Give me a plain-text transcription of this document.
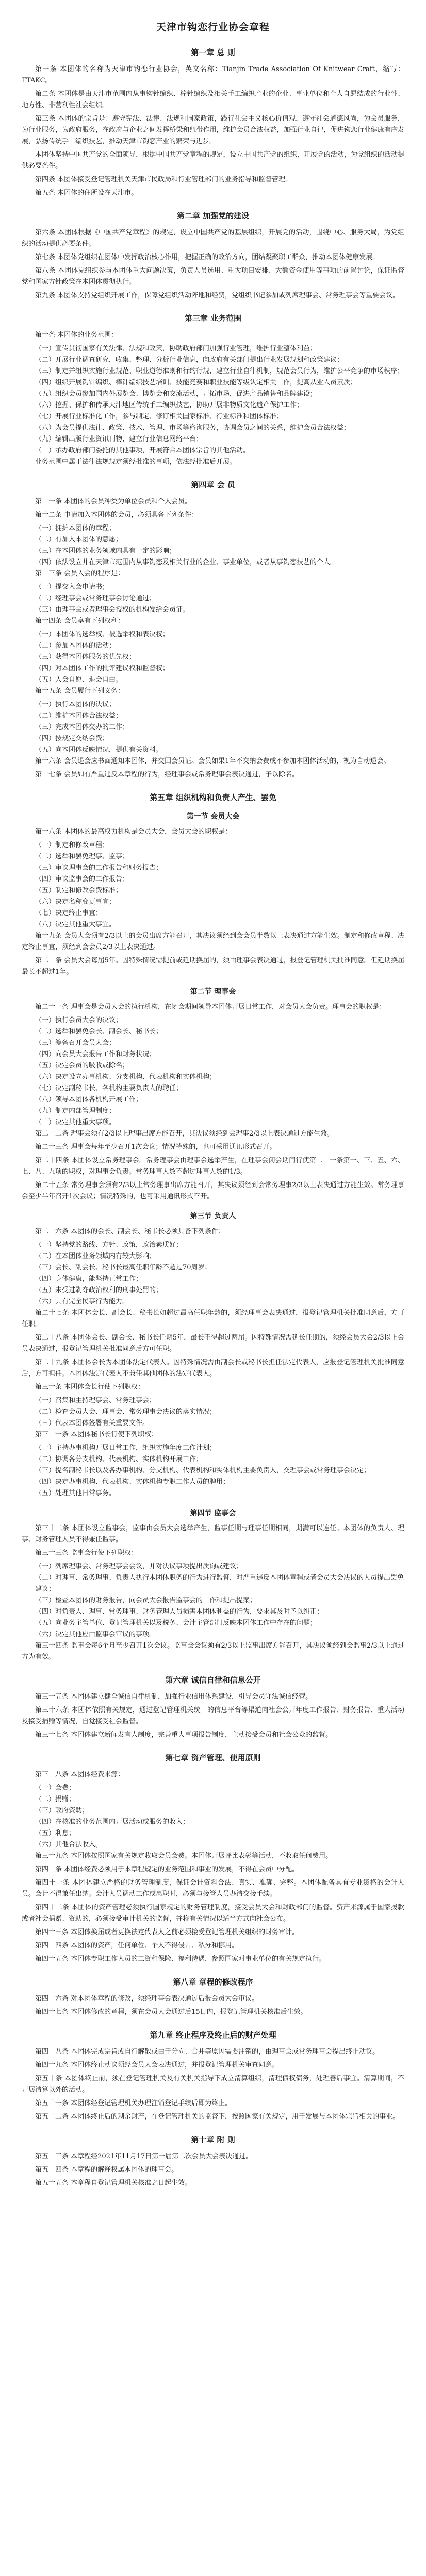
天津市钩恋行业协会章程
第一章 总 则
第一条 本团体的名称为天津市钩恋行业协会，英文名称：Tianjin Trade Association Of Knitwear Craft，缩写：TTAKC。
第二条 本团体是由天津市范围内从事钩针编织、棒针编织及相关手工编织产业的企业、事业单位和个人自愿结成的行业性、地方性、非营利性社会组织。
第三条 本团体的宗旨是：遵守宪法、法律、法规和国家政策，践行社会主义核心价值观，遵守社会道德风尚，为会员服务，为行业服务，为政府服务，在政府与企业之间发挥桥梁和纽带作用，维护会员合法权益，加强行业自律，促进钩恋行业健康有序发展，弘扬传统手工编织技艺，推动天津市钩恋产业的繁荣与进步。
本团体坚持中国共产党的全面领导，根据中国共产党章程的规定，设立中国共产党的组织，开展党的活动，为党组织的活动提供必要条件。
第四条 本团体接受登记管理机关天津市民政局和行业管理部门的业务指导和监督管理。
第五条 本团体的住所设在天津市。
第二章 加强党的建设
第六条 本团体根据《中国共产党章程》的规定，设立中国共产党的基层组织，开展党的活动，围绕中心、服务大局，为党组织的活动提供必要条件。
第七条 本团体党组织在团体中发挥政治核心作用，把握正确的政治方向，团结凝聚职工群众，推动本团体健康发展。
第八条 本团体党组织参与本团体重大问题决策，负责人员选用、重大项目安排、大额资金使用等事项的前置讨论，保证监督党和国家方针政策在本团体贯彻执行。
第九条 本团体支持党组织开展工作，保障党组织活动阵地和经费，党组织书记参加或列席理事会、常务理事会等重要会议。
第三章 业务范围
第十条 本团体的业务范围：
（一）宣传贯彻国家有关法律、法规和政策，协助政府部门加强行业管理，维护行业整体利益；
（二）开展行业调查研究，收集、整理、分析行业信息，向政府有关部门提出行业发展规划和政策建议；
（三）制定并组织实施行业规范、职业道德准则和行约行规，建立行业自律机制，规范会员行为，维护公平竞争的市场秩序；
（四）组织开展钩针编织、棒针编织技艺培训、技能竞赛和职业技能等级认定相关工作，提高从业人员素质；
（五）组织会员参加国内外展览会、博览会和交流活动，开拓市场，促进产品销售和品牌建设；
（六）挖掘、保护和传承天津地区传统手工编织技艺，协助开展非物质文化遗产保护工作；
（七）开展行业标准化工作，参与制定、修订相关国家标准、行业标准和团体标准；
（八）为会员提供法律、政策、技术、管理、市场等咨询服务，协调会员之间的关系，维护会员合法权益；
（九）编辑出版行业资讯刊物，建立行业信息网络平台；
（十）承办政府部门委托的其他事项，开展符合本团体宗旨的其他活动。
业务范围中属于法律法规规定须经批准的事项，依法经批准后开展。
第四章 会 员
第十一条 本团体的会员种类为单位会员和个人会员。
第十二条 申请加入本团体的会员，必须具备下列条件：
（一）拥护本团体的章程；
（二）有加入本团体的意愿；
（三）在本团体的业务领域内具有一定的影响；
（四）依法设立并在天津市范围内从事钩恋及相关行业的企业、事业单位，或者从事钩恋技艺的个人。
第十三条 会员入会的程序是：
（一）提交入会申请书；
（二）经理事会或常务理事会讨论通过；
（三）由理事会或者理事会授权的机构发给会员证。
第十四条 会员享有下列权利：
（一）本团体的选举权、被选举权和表决权；
（二）参加本团体的活动；
（三）获得本团体服务的优先权；
（四）对本团体工作的批评建议权和监督权；
（五）入会自愿、退会自由。
第十五条 会员履行下列义务：
（一）执行本团体的决议；
（二）维护本团体合法权益；
（三）完成本团体交办的工作；
（四）按规定交纳会费；
（五）向本团体反映情况，提供有关资料。
第十六条 会员退会应书面通知本团体，并交回会员证。会员如果1年不交纳会费或不参加本团体活动的，视为自动退会。
第十七条 会员如有严重违反本章程的行为，经理事会或常务理事会表决通过，予以除名。
第五章 组织机构和负责人产生、罢免
第一节 会员大会
第十八条 本团体的最高权力机构是会员大会，会员大会的职权是：
（一）制定和修改章程；
（二）选举和罢免理事、监事；
（三）审议理事会的工作报告和财务报告；
（四）审议监事会的工作报告；
（五）制定和修改会费标准；
（六）决定名称变更事宜；
（七）决定终止事宜；
（八）决定其他重大事宜。
第十九条 会员大会须有2/3以上的会员出席方能召开，其决议须经到会会员半数以上表决通过方能生效。制定和修改章程、决定终止事宜，须经到会会员2/3以上表决通过。
第二十条 会员大会每届5年。因特殊情况需提前或延期换届的，须由理事会表决通过，报登记管理机关批准同意。但延期换届最长不超过1年。
第二节 理事会
第二十一条 理事会是会员大会的执行机构，在闭会期间领导本团体开展日常工作，对会员大会负责。理事会的职权是：
（一）执行会员大会的决议；
（二）选举和罢免会长、副会长、秘书长；
（三）筹备召开会员大会；
（四）向会员大会报告工作和财务状况；
（五）决定会员的吸收或除名；
（六）决定设立办事机构、分支机构、代表机构和实体机构；
（七）决定副秘书长、各机构主要负责人的聘任；
（八）领导本团体各机构开展工作；
（九）制定内部管理制度；
（十）决定其他重大事项。
第二十二条 理事会须有2/3以上理事出席方能召开，其决议须经到会理事2/3以上表决通过方能生效。
第二十三条 理事会每年至少召开1次会议；情况特殊的，也可采用通讯形式召开。
第二十四条 本团体设立常务理事会。常务理事会由理事会选举产生，在理事会闭会期间行使第二十一条第一、三、五、六、七、八、九项的职权，对理事会负责。常务理事人数不超过理事人数的1/3。
第二十五条 常务理事会须有2/3以上常务理事出席方能召开，其决议须经到会常务理事2/3以上表决通过方能生效。常务理事会至少半年召开1次会议；情况特殊的，也可采用通讯形式召开。
第三节 负责人
第二十六条 本团体的会长、副会长、秘书长必须具备下列条件：
（一）坚持党的路线、方针、政策，政治素质好；
（二）在本团体业务领域内有较大影响；
（三）会长、副会长、秘书长最高任职年龄不超过70周岁；
（四）身体健康，能坚持正常工作；
（五）未受过剥夺政治权利的刑事处罚的；
（六）具有完全民事行为能力。
第二十七条 本团体会长、副会长、秘书长如超过最高任职年龄的，须经理事会表决通过，报登记管理机关批准同意后，方可任职。
第二十八条 本团体会长、副会长、秘书长任期5年，最长不得超过两届。因特殊情况需延长任期的，须经会员大会2/3以上会员表决通过，报登记管理机关批准同意后方可任职。
第二十九条 本团体会长为本团体法定代表人。因特殊情况需由副会长或秘书长担任法定代表人，应报登记管理机关批准同意后，方可担任。本团体法定代表人不兼任其他团体的法定代表人。
第三十条 本团体会长行使下列职权：
（一）召集和主持理事会、常务理事会；
（二）检查会员大会、理事会、常务理事会决议的落实情况；
（三）代表本团体签署有关重要文件。
第三十一条 本团体秘书长行使下列职权：
（一）主持办事机构开展日常工作，组织实施年度工作计划；
（二）协调各分支机构、代表机构、实体机构开展工作；
（三）提名副秘书长以及各办事机构、分支机构、代表机构和实体机构主要负责人，交理事会或常务理事会决定；
（四）决定办事机构、代表机构、实体机构专职工作人员的聘用；
（五）处理其他日常事务。
第四节 监事会
第三十二条 本团体设立监事会，监事由会员大会选举产生，监事任期与理事任期相同，期满可以连任。本团体的负责人、理事、财务管理人员不得兼任监事。
第三十三条 监事会行使下列职权：
（一）列席理事会、常务理事会会议，并对决议事项提出质询或建议；
（二）对理事、常务理事、负责人执行本团体职务的行为进行监督，对严重违反本团体章程或者会员大会决议的人员提出罢免建议；
（三）检查本团体的财务报告，向会员大会报告监事会的工作和提出提案；
（四）对负责人、理事、常务理事、财务管理人员损害本团体利益的行为，要求其及时予以纠正；
（五）向业务主管单位、登记管理机关以及税务、会计主管部门反映本团体工作中存在的问题；
（六）决定其他应由监事会审议的事项。
第三十四条 监事会每6个月至少召开1次会议。监事会会议须有2/3以上监事出席方能召开，其决议须经到会监事2/3以上通过方为有效。
第六章 诚信自律和信息公开
第三十五条 本团体建立健全诚信自律机制，加强行业信用体系建设，引导会员守法诚信经营。
第三十六条 本团体依照有关规定，通过登记管理机关统一的信息平台等渠道向社会公开年度工作报告、财务报告、重大活动及接受捐赠等情况，自觉接受社会监督。
第三十七条 本团体建立新闻发言人制度，完善重大事项报告制度，主动接受会员和社会公众的监督。
第七章 资产管理、使用原则
第三十八条 本团体经费来源：
（一）会费；
（二）捐赠；
（三）政府资助；
（四）在核准的业务范围内开展活动或服务的收入；
（五）利息；
（六）其他合法收入。
第三十九条 本团体按照国家有关规定收取会员会费。本团体开展评比表彰等活动，不收取任何费用。
第四十条 本团体经费必须用于本章程规定的业务范围和事业的发展，不得在会员中分配。
第四十一条 本团体建立严格的财务管理制度，保证会计资料合法、真实、准确、完整。本团体配备具有专业资格的会计人员。会计不得兼任出纳。会计人员调动工作或离职时，必须与接管人员办清交接手续。
第四十二条 本团体的资产管理必须执行国家规定的财务管理制度，接受会员大会和财政部门的监督。资产来源属于国家拨款或者社会捐赠、资助的，必须接受审计机关的监督，并将有关情况以适当方式向社会公布。
第四十三条 本团体换届或者更换法定代表人之前必须接受登记管理机关组织的财务审计。
第四十四条 本团体的资产，任何单位、个人不得侵占、私分和挪用。
第四十五条 本团体专职工作人员的工资和保险、福利待遇，参照国家对事业单位的有关规定执行。
第八章 章程的修改程序
第四十六条 对本团体章程的修改，须经理事会表决通过后报会员大会审议。
第四十七条 本团体修改的章程，须在会员大会通过后15日内，报登记管理机关核准后生效。
第九章 终止程序及终止后的财产处理
第四十八条 本团体完成宗旨或自行解散或由于分立、合并等原因需要注销的，由理事会或常务理事会提出终止动议。
第四十九条 本团体终止动议须经会员大会表决通过，并报登记管理机关审查同意。
第五十条 本团体终止前，须在登记管理机关及有关机关指导下成立清算组织，清理债权债务，处理善后事宜。清算期间，不开展清算以外的活动。
第五十一条 本团体经登记管理机关办理注销登记手续后即为终止。
第五十二条 本团体终止后的剩余财产，在登记管理机关的监督下，按照国家有关规定，用于发展与本团体宗旨相关的事业。
第十章 附 则
第五十三条 本章程经2021年11月17日第一届第二次会员大会表决通过。
第五十四条 本章程的解释权属本团体的理事会。
第五十五条 本章程自登记管理机关核准之日起生效。
